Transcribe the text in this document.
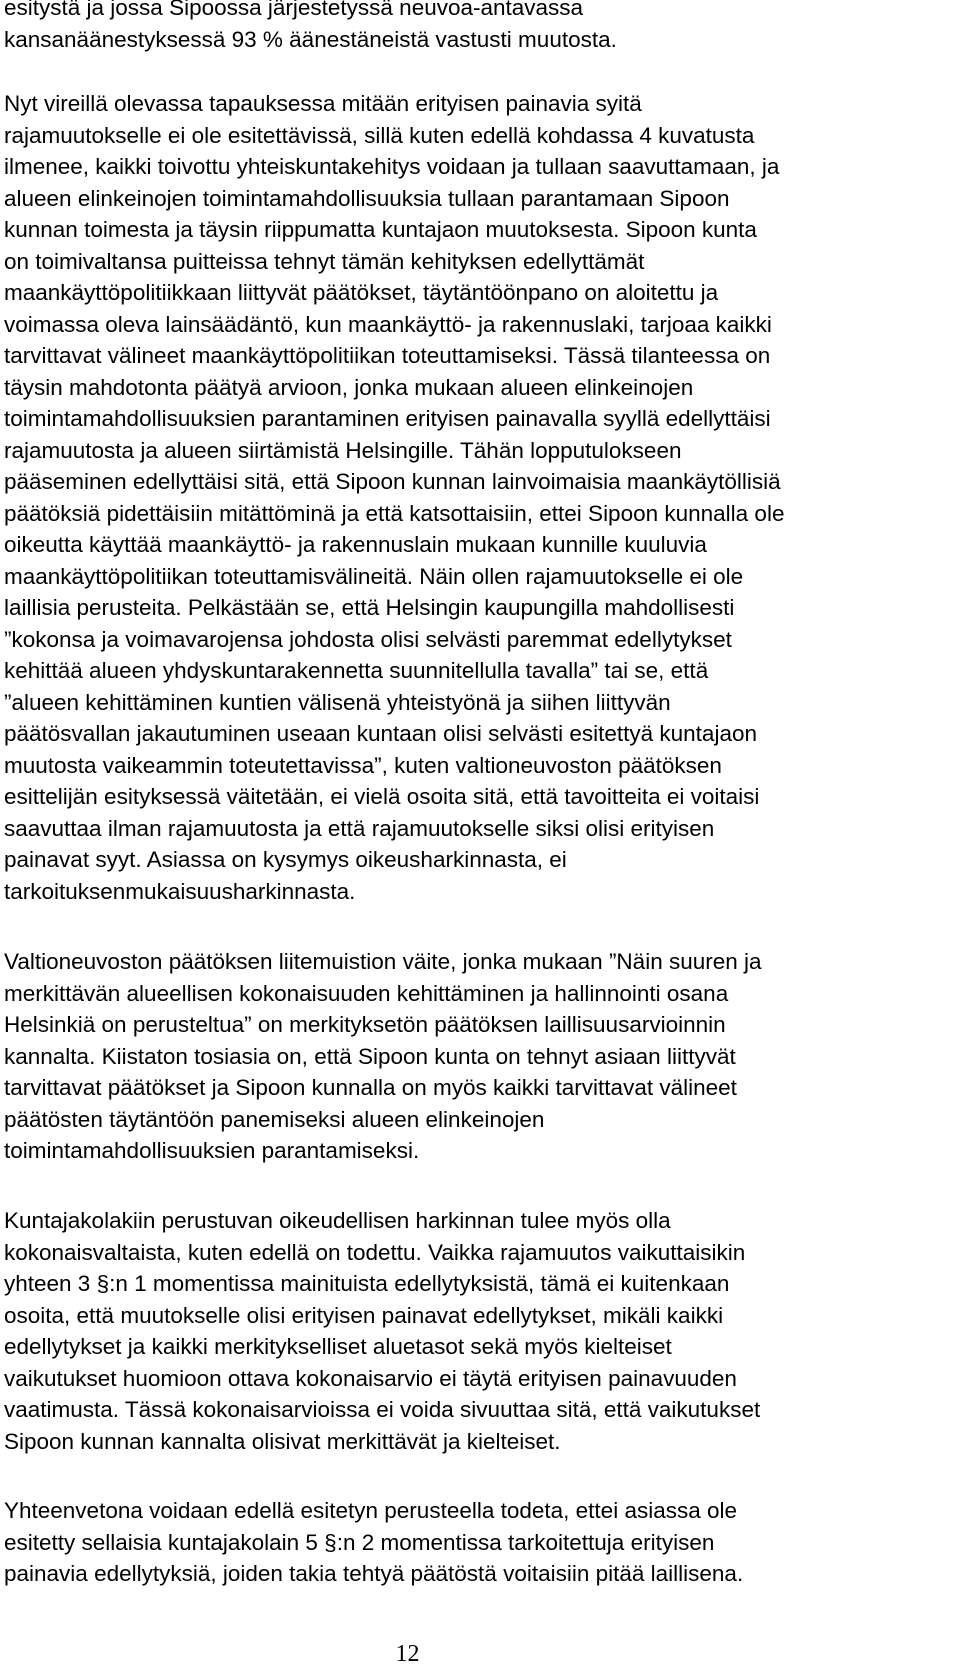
esitystä ja jossa Sipoossa järjestetyssä neuvoa-antavassa
kansanäänestyksessä 93 % äänestäneistä vastusti muutosta.

Nyt vireillä olevassa tapauksessa mitään erityisen painavia syitä
rajamuutokselle ei ole esitettävissä, sillä kuten edellä kohdassa 4 kuvatusta
ilmenee, kaikki toivottu yhteiskuntakehitys voidaan ja tullaan saavuttamaan, ja
alueen elinkeinojen toimintamahdollisuuksia tullaan parantamaan Sipoon
kunnan toimesta ja täysin riippumatta kuntajaon muutoksesta. Sipoon kunta
on toimivaltansa puitteissa tehnyt tämän kehityksen edellyttämät
maankäyttöpolitiikkaan liittyvät päätökset, täytäntöönpano on aloitettu ja
voimassa oleva lainsäädäntö, kun maankäyttö- ja rakennuslaki, tarjoaa kaikki
tarvittavat välineet maankäyttöpolitiikan toteuttamiseksi. Tässä tilanteessa on
täysin mahdotonta päätyä arvioon, jonka mukaan alueen elinkeinojen
toimintamahdollisuuksien parantaminen erityisen painavalla syyllä edellyttäisi
rajamuutosta ja alueen siirtämistä Helsingille. Tähän lopputulokseen
pääseminen edellyttäisi sitä, että Sipoon kunnan lainvoimaisia maankäytöllisiä
päätöksiä pidettäisiin mitättöminä ja että katsottaisiin, ettei Sipoon kunnalla ole
oikeutta käyttää maankäyttö- ja rakennuslain mukaan kunnille kuuluvia
maankäyttöpolitiikan toteuttamisvälineitä. Näin ollen rajamuutokselle ei ole
laillisia perusteita. Pelkästään se, että Helsingin kaupungilla mahdollisesti
”kokonsa ja voimavarojensa johdosta olisi selvästi paremmat edellytykset
kehittää alueen yhdyskuntarakennetta suunnitellulla tavalla” tai se, että
”alueen kehittäminen kuntien välisenä yhteistyönä ja siihen liittyvän
päätösvallan jakautuminen useaan kuntaan olisi selvästi esitettyä kuntajaon
muutosta vaikeammin toteutettavissa”, kuten valtioneuvoston päätöksen
esittelijän esityksessä väitetään, ei vielä osoita sitä, että tavoitteita ei voitaisi
saavuttaa ilman rajamuutosta ja että rajamuutokselle siksi olisi erityisen
painavat syyt. Asiassa on kysymys oikeusharkinnasta, ei
tarkoituksenmukaisuusharkinnasta.

Valtioneuvoston päätöksen liitemuistion väite, jonka mukaan ”Näin suuren ja
merkittävän alueellisen kokonaisuuden kehittäminen ja hallinnointi osana
Helsinkiä on perusteltua” on merkityksetön päätöksen laillisuusarvioinnin
kannalta. Kiistaton tosiasia on, että Sipoon kunta on tehnyt asiaan liittyvät
tarvittavat päätökset ja Sipoon kunnalla on myös kaikki tarvittavat välineet
päätösten täytäntöön panemiseksi alueen elinkeinojen
toimintamahdollisuuksien parantamiseksi.

Kuntajakolakiin perustuvan oikeudellisen harkinnan tulee myös olla
kokonaisvaltaista, kuten edellä on todettu. Vaikka rajamuutos vaikuttaisikin
yhteen 3 §:n 1 momentissa mainituista edellytyksistä, tämä ei kuitenkaan
osoita, että muutokselle olisi erityisen painavat edellytykset, mikäli kaikki
edellytykset ja kaikki merkitykselliset aluetasot sekä myös kielteiset
vaikutukset huomioon ottava kokonaisarvio ei täytä erityisen painavuuden
vaatimusta. Tässä kokonaisarvioissa ei voida sivuuttaa sitä, että vaikutukset
Sipoon kunnan kannalta olisivat merkittävät ja kielteiset.

Yhteenvetona voidaan edellä esitetyn perusteella todeta, ettei asiassa ole
esitetty sellaisia kuntajakolain 5 §:n 2 momentissa tarkoitettuja erityisen
painavia edellytyksiä, joiden takia tehtyä päätöstä voitaisiin pitää laillisena.

12
